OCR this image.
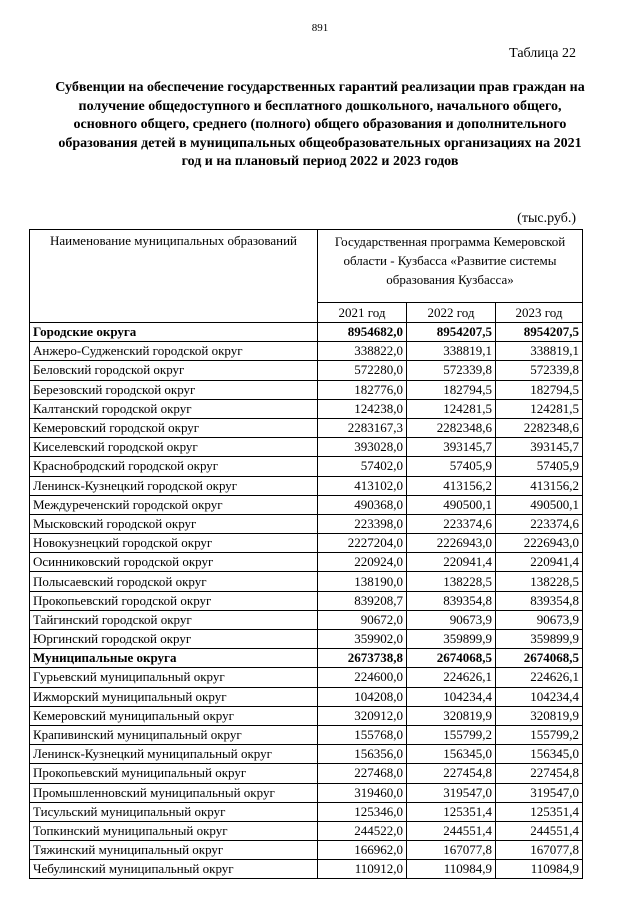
891
Таблица 22
Субвенции на обеспечение государственных гарантий реализации прав граждан на
получение общедоступного и бесплатного дошкольного, начального общего,
основного общего, среднего (полного) общего образования и дополнительного
образования детей в муниципальных общеобразовательных организациях на 2021
год и на плановый период 2022 и 2023 годов
(тыс.руб.)
Наименование муниципальных образований	Государственная программа Кемеровской области - Кузбасса «Развитие системы образования Кузбасса»		
	2021 год	2022 год	2023 год
Городские округа	8954682,0	8954207,5	8954207,5
Анжеро-Судженский городской округ	338822,0	338819,1	338819,1
Беловский городской округ	572280,0	572339,8	572339,8
Березовский городской округ	182776,0	182794,5	182794,5
Калтанский городской округ	124238,0	124281,5	124281,5
Кемеровский городской округ	2283167,3	2282348,6	2282348,6
Киселевский городской округ	393028,0	393145,7	393145,7
Краснобродский городской округ	57402,0	57405,9	57405,9
Ленинск-Кузнецкий городской округ	413102,0	413156,2	413156,2
Междуреченский городской округ	490368,0	490500,1	490500,1
Мысковский городской округ	223398,0	223374,6	223374,6
Новокузнецкий городской округ	2227204,0	2226943,0	2226943,0
Осинниковский городской округ	220924,0	220941,4	220941,4
Полысаевский городской округ	138190,0	138228,5	138228,5
Прокопьевский городской округ	839208,7	839354,8	839354,8
Тайгинский городской округ	90672,0	90673,9	90673,9
Юргинский городской округ	359902,0	359899,9	359899,9
Муниципальные округа	2673738,8	2674068,5	2674068,5
Гурьевский муниципальный округ	224600,0	224626,1	224626,1
Ижморский муниципальный округ	104208,0	104234,4	104234,4
Кемеровский муниципальный округ	320912,0	320819,9	320819,9
Крапивинский муниципальный округ	155768,0	155799,2	155799,2
Ленинск-Кузнецкий муниципальный округ	156356,0	156345,0	156345,0
Прокопьевский муниципальный округ	227468,0	227454,8	227454,8
Промышленновский муниципальный округ	319460,0	319547,0	319547,0
Тисульский муниципальный округ	125346,0	125351,4	125351,4
Топкинский муниципальный округ	244522,0	244551,4	244551,4
Тяжинский муниципальный округ	166962,0	167077,8	167077,8
Чебулинский муниципальный округ	110912,0	110984,9	110984,9
